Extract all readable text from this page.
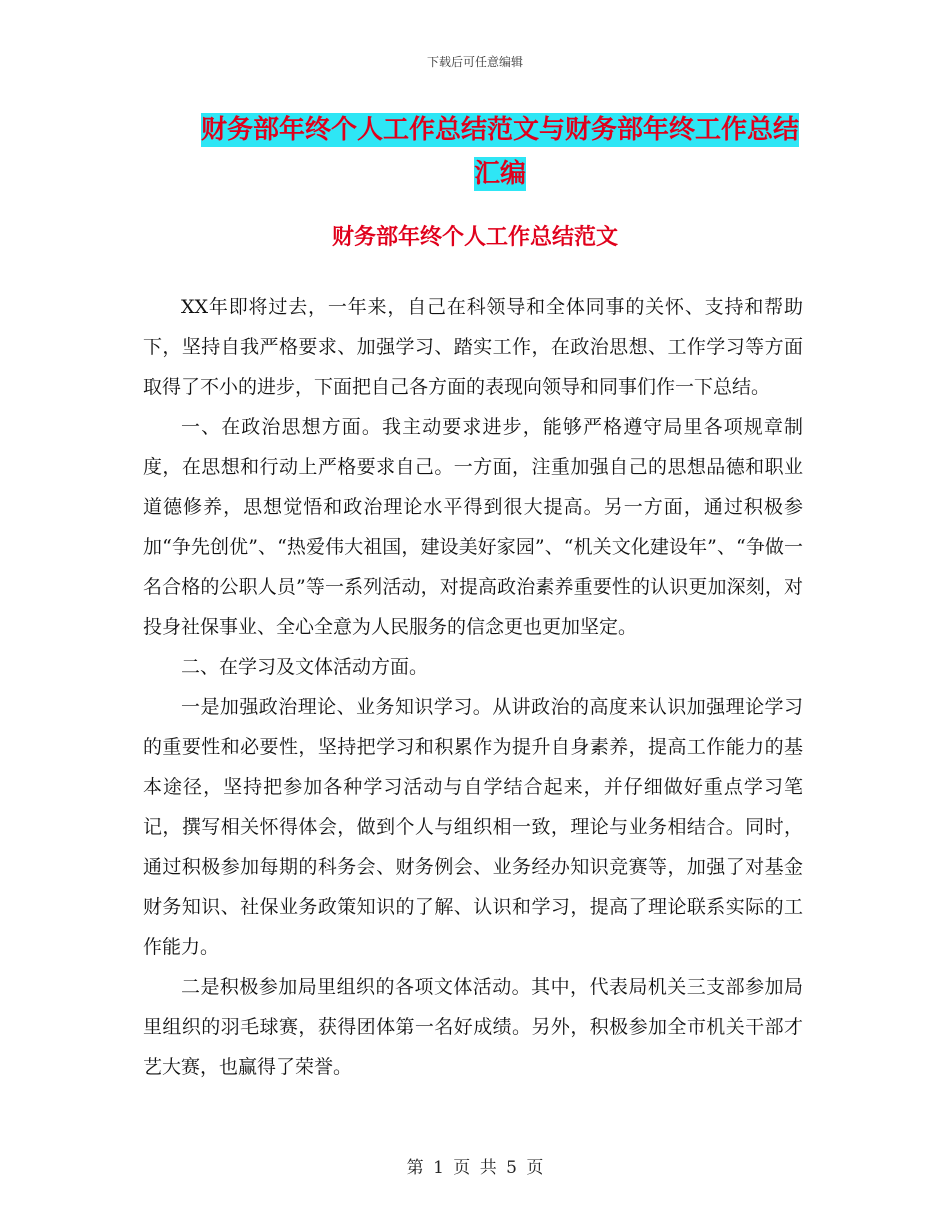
下载后可任意编辑
财务部年终个人工作总结范文与财务部年终工作总结
汇编
财务部年终个人工作总结范文

XX年即将过去，一年来，自己在科领导和全体同事的关怀、支持和帮助下，坚持自我严格要求、加强学习、踏实工作，在政治思想、工作学习等方面取得了不小的进步，下面把自己各方面的表现向领导和同事们作一下总结。

一、在政治思想方面。我主动要求进步，能够严格遵守局里各项规章制度，在思想和行动上严格要求自己。一方面，注重加强自己的思想品德和职业道德修养，思想觉悟和政治理论水平得到很大提高。另一方面，通过积极参加“争先创优”、“热爱伟大祖国，建设美好家园”、“机关文化建设年”、“争做一名合格的公职人员”等一系列活动，对提高政治素养重要性的认识更加深刻，对投身社保事业、全心全意为人民服务的信念更也更加坚定。

二、在学习及文体活动方面。

一是加强政治理论、业务知识学习。从讲政治的高度来认识加强理论学习的重要性和必要性，坚持把学习和积累作为提升自身素养，提高工作能力的基本途径，坚持把参加各种学习活动与自学结合起来，并仔细做好重点学习笔记，撰写相关怀得体会，做到个人与组织相一致，理论与业务相结合。同时，通过积极参加每期的科务会、财务例会、业务经办知识竞赛等，加强了对基金财务知识、社保业务政策知识的了解、认识和学习，提高了理论联系实际的工作能力。

二是积极参加局里组织的各项文体活动。其中，代表局机关三支部参加局里组织的羽毛球赛，获得团体第一名好成绩。另外，积极参加全市机关干部才艺大赛，也赢得了荣誉。

第 1 页 共 5 页
